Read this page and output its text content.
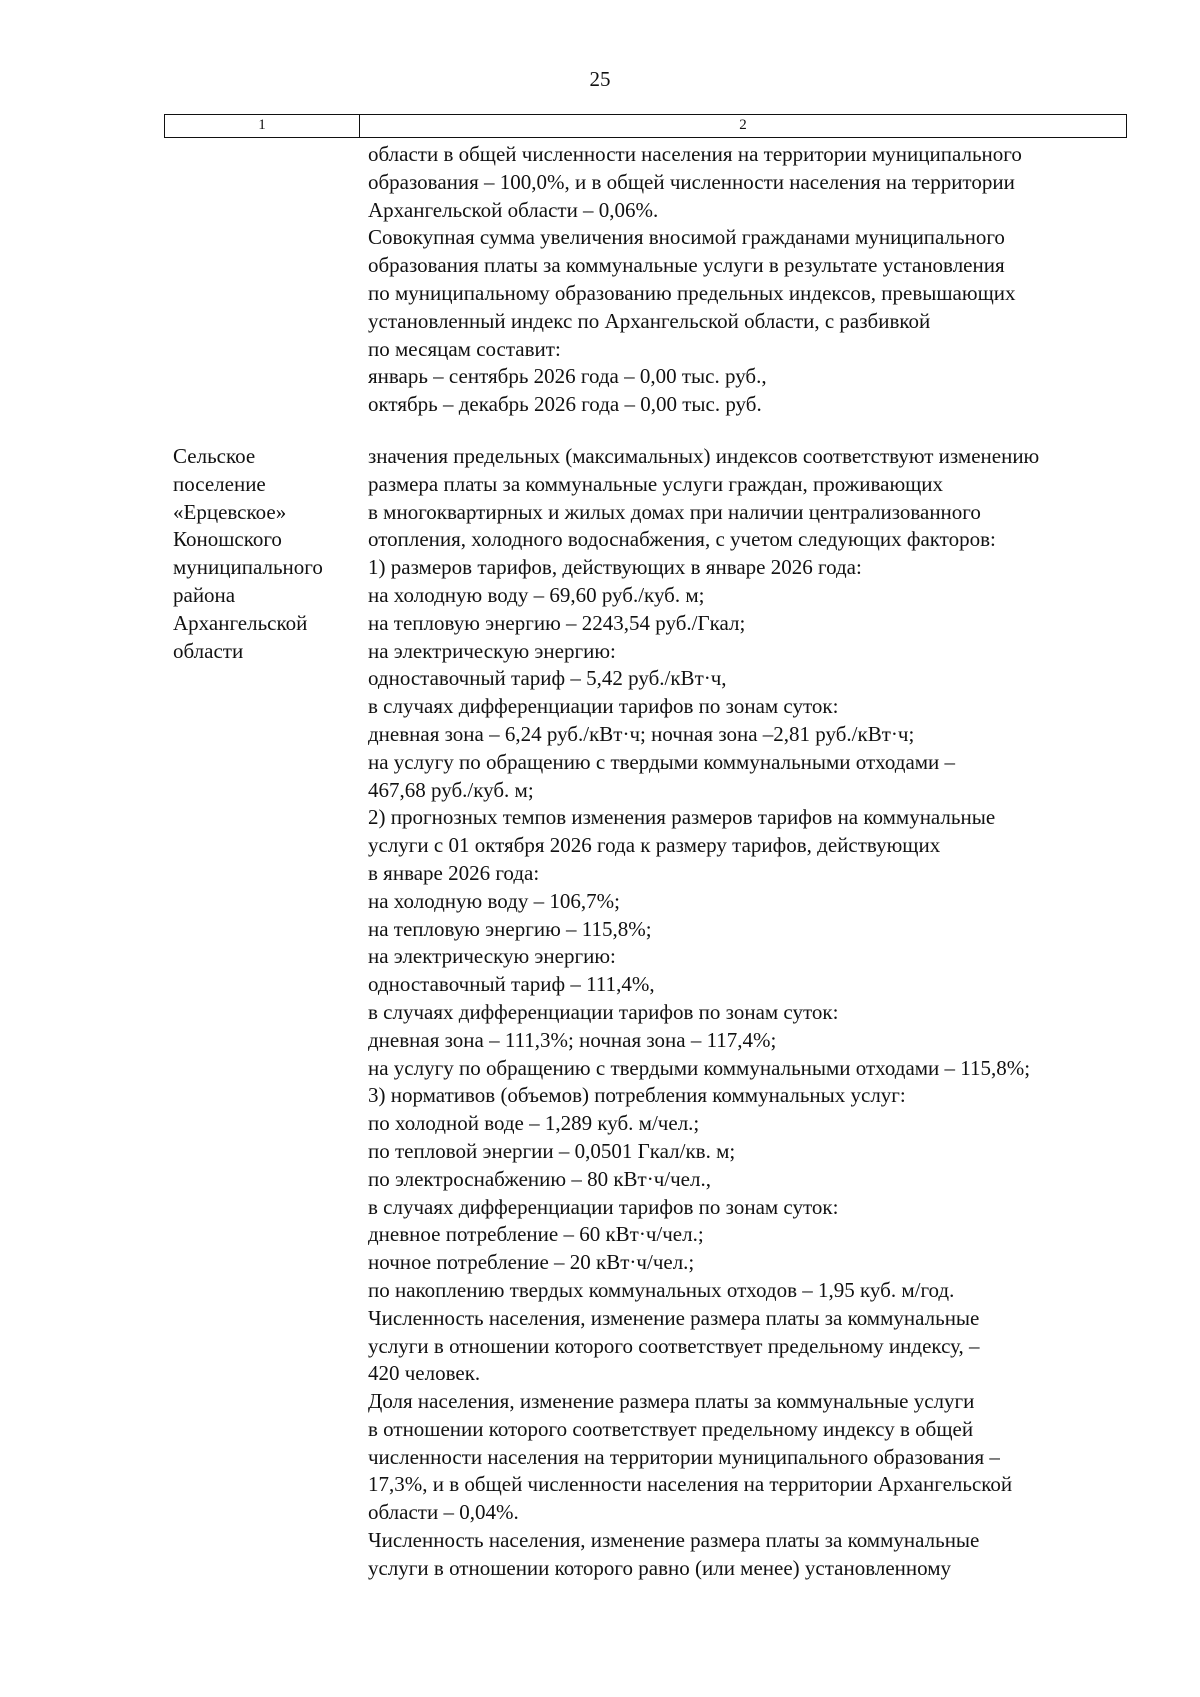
25
1	2
области в общей численности населения на территории муниципального
образования – 100,0%, и в общей численности населения на территории
Архангельской области – 0,06%.
Совокупная сумма увеличения вносимой гражданами муниципального
образования платы за коммунальные услуги в результате установления
по муниципальному образованию предельных индексов, превышающих
установленный индекс по Архангельской области, с разбивкой
по месяцам составит:
январь – сентябрь 2026 года – 0,00 тыс. руб.,
октябрь – декабрь 2026 года – 0,00 тыс. руб.
Сельское
поселение
«Ерцевское»
Коношского
муниципального
района
Архангельской
области
значения предельных (максимальных) индексов соответствуют изменению
размера платы за коммунальные услуги граждан, проживающих
в многоквартирных и жилых домах при наличии централизованного
отопления, холодного водоснабжения, с учетом следующих факторов:
1) размеров тарифов, действующих в январе 2026 года:
на холодную воду – 69,60 руб./куб. м;
на тепловую энергию – 2243,54 руб./Гкал;
на электрическую энергию:
одноставочный тариф – 5,42 руб./кВт·ч,
в случаях дифференциации тарифов по зонам суток:
дневная зона – 6,24 руб./кВт·ч; ночная зона –2,81 руб./кВт·ч;
на услугу по обращению с твердыми коммунальными отходами –
467,68 руб./куб. м;
2) прогнозных темпов изменения размеров тарифов на коммунальные
услуги с 01 октября 2026 года к размеру тарифов, действующих
в январе 2026 года:
на холодную воду – 106,7%;
на тепловую энергию – 115,8%;
на электрическую энергию:
одноставочный тариф – 111,4%,
в случаях дифференциации тарифов по зонам суток:
дневная зона – 111,3%; ночная зона – 117,4%;
на услугу по обращению с твердыми коммунальными отходами – 115,8%;
3) нормативов (объемов) потребления коммунальных услуг:
по холодной воде – 1,289 куб. м/чел.;
по тепловой энергии – 0,0501 Гкал/кв. м;
по электроснабжению – 80 кВт·ч/чел.,
в случаях дифференциации тарифов по зонам суток:
дневное потребление – 60 кВт·ч/чел.;
ночное потребление – 20 кВт·ч/чел.;
по накоплению твердых коммунальных отходов – 1,95 куб. м/год.
Численность населения, изменение размера платы за коммунальные
услуги в отношении которого соответствует предельному индексу, –
420 человек.
Доля населения, изменение размера платы за коммунальные услуги
в отношении которого соответствует предельному индексу в общей
численности населения на территории муниципального образования –
17,3%, и в общей численности населения на территории Архангельской
области – 0,04%.
Численность населения, изменение размера платы за коммунальные
услуги в отношении которого равно (или менее) установленному
